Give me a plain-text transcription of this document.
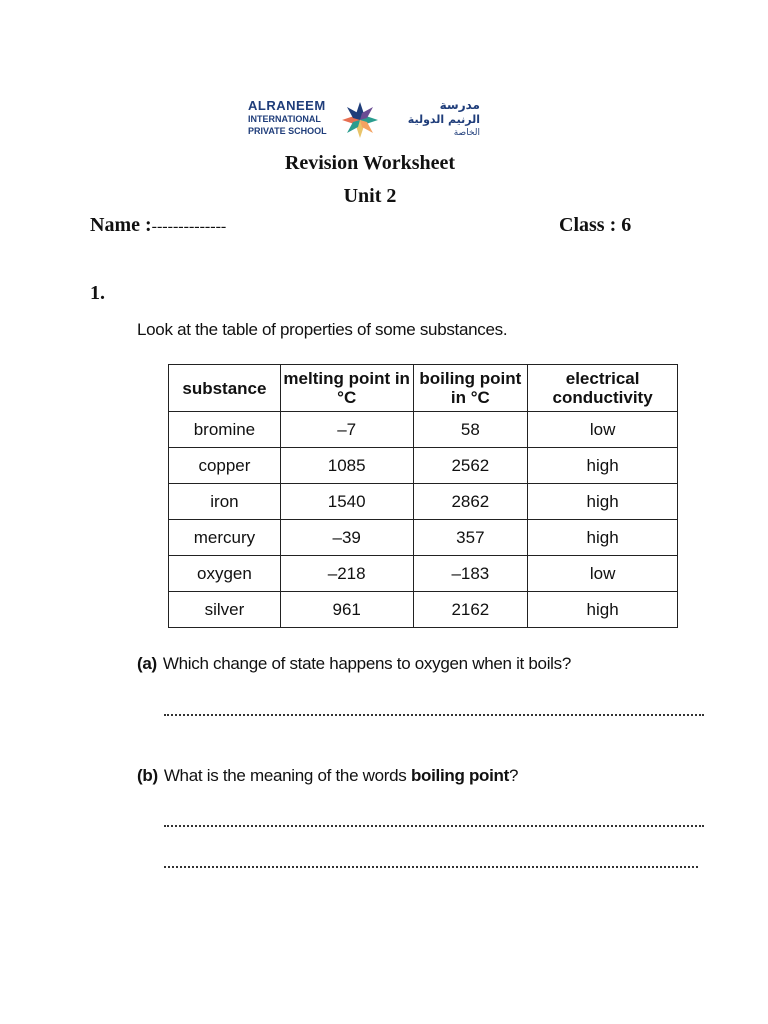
ALRANEEM
INTERNATIONAL
PRIVATE SCHOOL
مدرسة
الرنيم الدولية
الخاصة
Revision Worksheet
Unit 2
Name :--------------	Class : 6
1.
Look at the table of properties of some substances.
substance	melting point in °C	boiling point in °C	electrical conductivity
bromine	–7	58	low
copper	1085	2562	high
iron	1540	2862	high
mercury	–39	357	high
oxygen	–218	–183	low
silver	961	2162	high
(a) Which change of state happens to oxygen when it boils?
(b) What is the meaning of the words boiling point?
